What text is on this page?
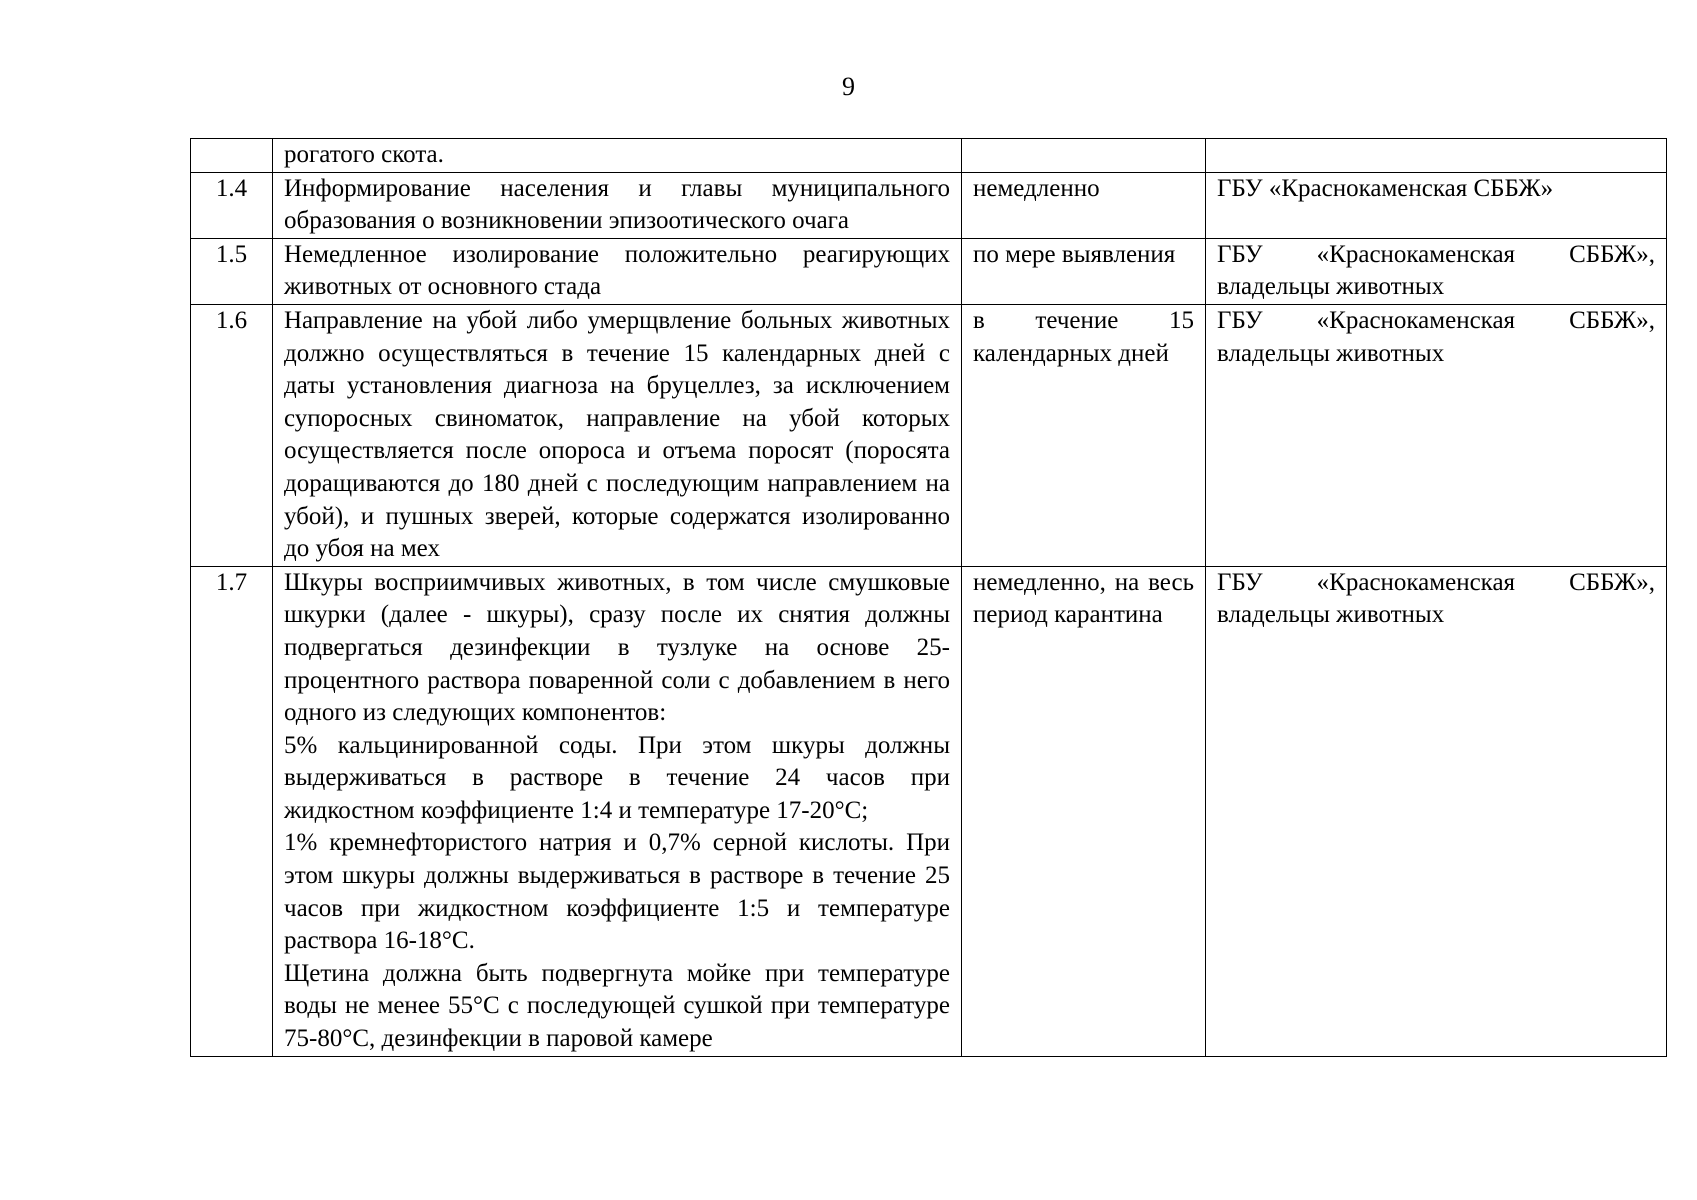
9

	рогатого скота.		

1.4	Информирование населения и главы муниципального образования о возникновении эпизоотического очага	немедленно	ГБУ «Краснокаменская СББЖ»
1.5	Немедленное изолирование положительно реагирующих животных от основного стада	по мере выявления	ГБУ «Краснокаменская СББЖ», владельцы животных
1.6	Направление на убой либо умерщвление больных животных должно осуществляться в течение 15 календарных дней с даты установления диагноза на бруцеллез, за исключением супоросных свиноматок, направление на убой которых осуществляется после опороса и отъема поросят (поросята доращиваются до 180 дней с последующим направлением на убой), и пушных зверей, которые содержатся изолированно до убоя на мех	в течение 15 календарных дней	ГБУ «Краснокаменская СББЖ», владельцы животных
1.7	Шкуры восприимчивых животных, в том числе смушковые шкурки (далее - шкуры), сразу после их снятия должны подвергаться дезинфекции в тузлуке на основе 25-процентного раствора поваренной соли с добавлением в него одного из следующих компонентов:
5% кальцинированной соды. При этом шкуры должны выдерживаться в растворе в течение 24 часов при жидкостном коэффициенте 1:4 и температуре 17-20°С;
1% кремнефтористого натрия и 0,7% серной кислоты. При этом шкуры должны выдерживаться в растворе в течение 25 часов при жидкостном коэффициенте 1:5 и температуре раствора 16-18°С.
Щетина должна быть подвергнута мойке при температуре воды не менее 55°С с последующей сушкой при температуре 75-80°С, дезинфекции в паровой камере	немедленно, на весь период карантина	ГБУ «Краснокаменская СББЖ», владельцы животных
